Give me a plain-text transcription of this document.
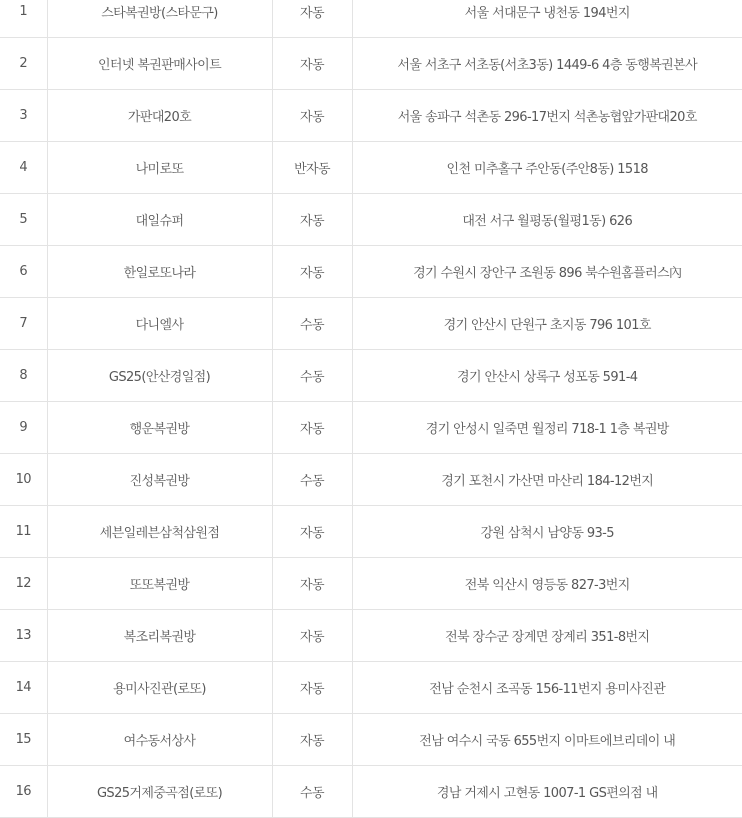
1	스타복권방(스타문구)	자동	서울 서대문구 냉천동 194번지
2	인터넷 복권판매사이트	자동	서울 서초구 서초동(서초3동) 1449-6 4층 동행복권본사
3	가판대20호	자동	서울 송파구 석촌동 296-17번지 석촌농협앞가판대20호
4	나미로또	반자동	인천 미추홀구 주안동(주안8동) 1518
5	대일슈퍼	자동	대전 서구 월평동(월평1동) 626
6	한일로또나라	자동	경기 수원시 장안구 조원동 896 북수원홈플러스內
7	다니엘사	수동	경기 안산시 단원구 초지동 796 101호
8	GS25(안산경일점)	수동	경기 안산시 상록구 성포동 591-4
9	행운복권방	자동	경기 안성시 일죽면 월정리 718-1 1층 복권방
10	진성복권방	수동	경기 포천시 가산면 마산리 184-12번지
11	세븐일레븐삼척삼원점	자동	강원 삼척시 남양동 93-5
12	또또복권방	자동	전북 익산시 영등동 827-3번지
13	복조리복권방	자동	전북 장수군 장계면 장계리 351-8번지
14	용미사진관(로또)	자동	전남 순천시 조곡동 156-11번지 용미사진관
15	여수동서상사	자동	전남 여수시 국동 655번지 이마트에브리데이 내
16	GS25거제중곡점(로또)	수동	경남 거제시 고현동 1007-1 GS편의점 내
